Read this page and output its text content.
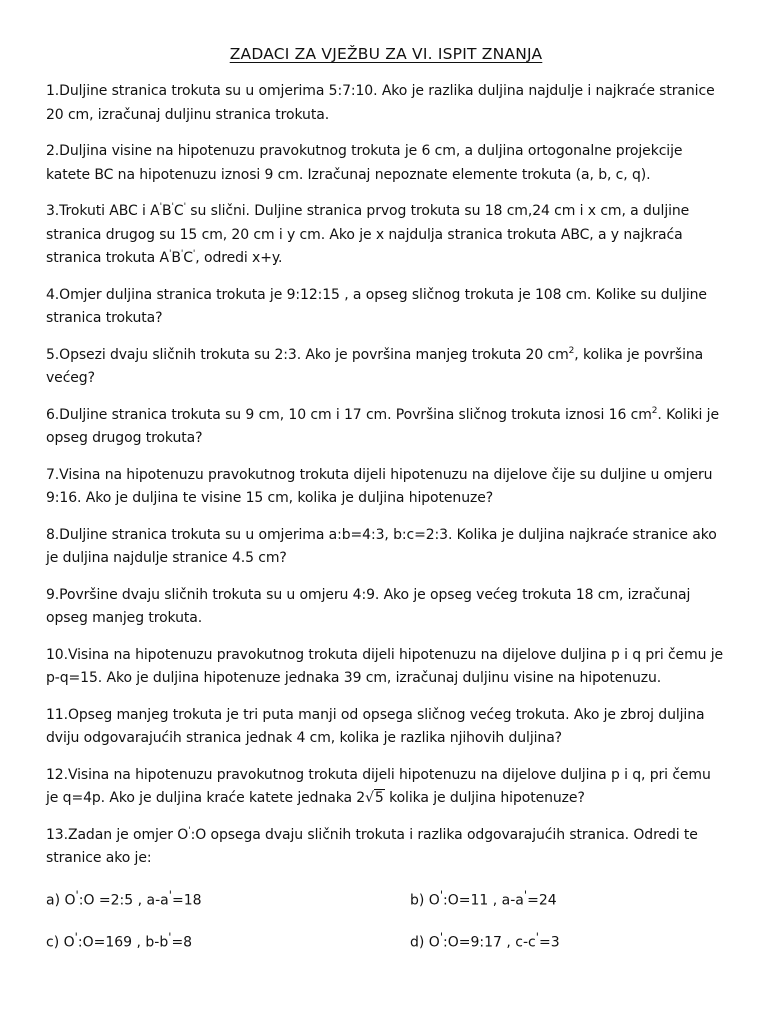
ZADACI ZA VJEŽBU ZA VI. ISPIT ZNANJA
1.Duljine stranica trokuta su u omjerima 5:7:10. Ako je razlika duljina najdulje i najkraće stranice 20 cm, izračunaj duljinu stranica trokuta.
2.Duljina visine na hipotenuzu pravokutnog trokuta je 6 cm, a duljina ortogonalne projekcije katete BC na hipotenuzu iznosi 9 cm. Izračunaj nepoznate elemente trokuta (a, b, c, q).
3.Trokuti ABC i A'B'C' su slični. Duljine stranica prvog trokuta su 18 cm,24 cm i x cm, a duljine stranica drugog su 15 cm, 20 cm i y cm. Ako je x najdulja stranica trokuta ABC, a y najkraća stranica trokuta A'B'C', odredi x+y.
4.Omjer duljina stranica trokuta je 9:12:15 , a opseg sličnog trokuta je 108 cm. Kolike su duljine stranica trokuta?
5.Opsezi dvaju sličnih trokuta su 2:3. Ako je površina manjeg trokuta 20 $cm^2$, kolika je površina većeg?
6.Duljine stranica trokuta su 9 cm, 10 cm i 17 cm. Površina sličnog trokuta iznosi 16 $cm^2$. Koliki je opseg drugog trokuta?
7.Visina na hipotenuzu pravokutnog trokuta dijeli hipotenuzu na dijelove čije su duljine u omjeru 9:16. Ako je duljina te visine 15 cm, kolika je duljina hipotenuze?
8.Duljine stranica trokuta su u omjerima a:b=4:3, b:c=2:3. Kolika je duljina najkraće stranice ako je duljina najdulje stranice 4.5 cm?
9.Površine dvaju sličnih trokuta su u omjeru 4:9. Ako je opseg većeg trokuta 18 cm, izračunaj opseg manjeg trokuta.
10.Visina na hipotenuzu pravokutnog trokuta dijeli hipotenuzu na dijelove duljina p i q pri čemu je p-q=15. Ako je duljina hipotenuze jednaka 39 cm, izračunaj duljinu visine na hipotenuzu.
11.Opseg manjeg trokuta je tri puta manji od opsega sličnog većeg trokuta. Ako je zbroj duljina dviju odgovarajućih stranica jednak 4 cm, kolika je razlika njihovih duljina?
12.Visina na hipotenuzu pravokutnog trokuta dijeli hipotenuzu na dijelove duljina p i q, pri čemu je q=4p. Ako je duljina kraće katete jednaka 2√5 kolika je duljina hipotenuze?
13.Zadan je omjer O':O opsega dvaju sličnih trokuta i razlika odgovarajućih stranica. Odredi te stranice ako je:
a) O':O =2:5 , a-a'=18	b) O':O=11 , a-a'=24
c) O':O=169 , b-b'=8	d) O':O=9:17 , c-c'=3
